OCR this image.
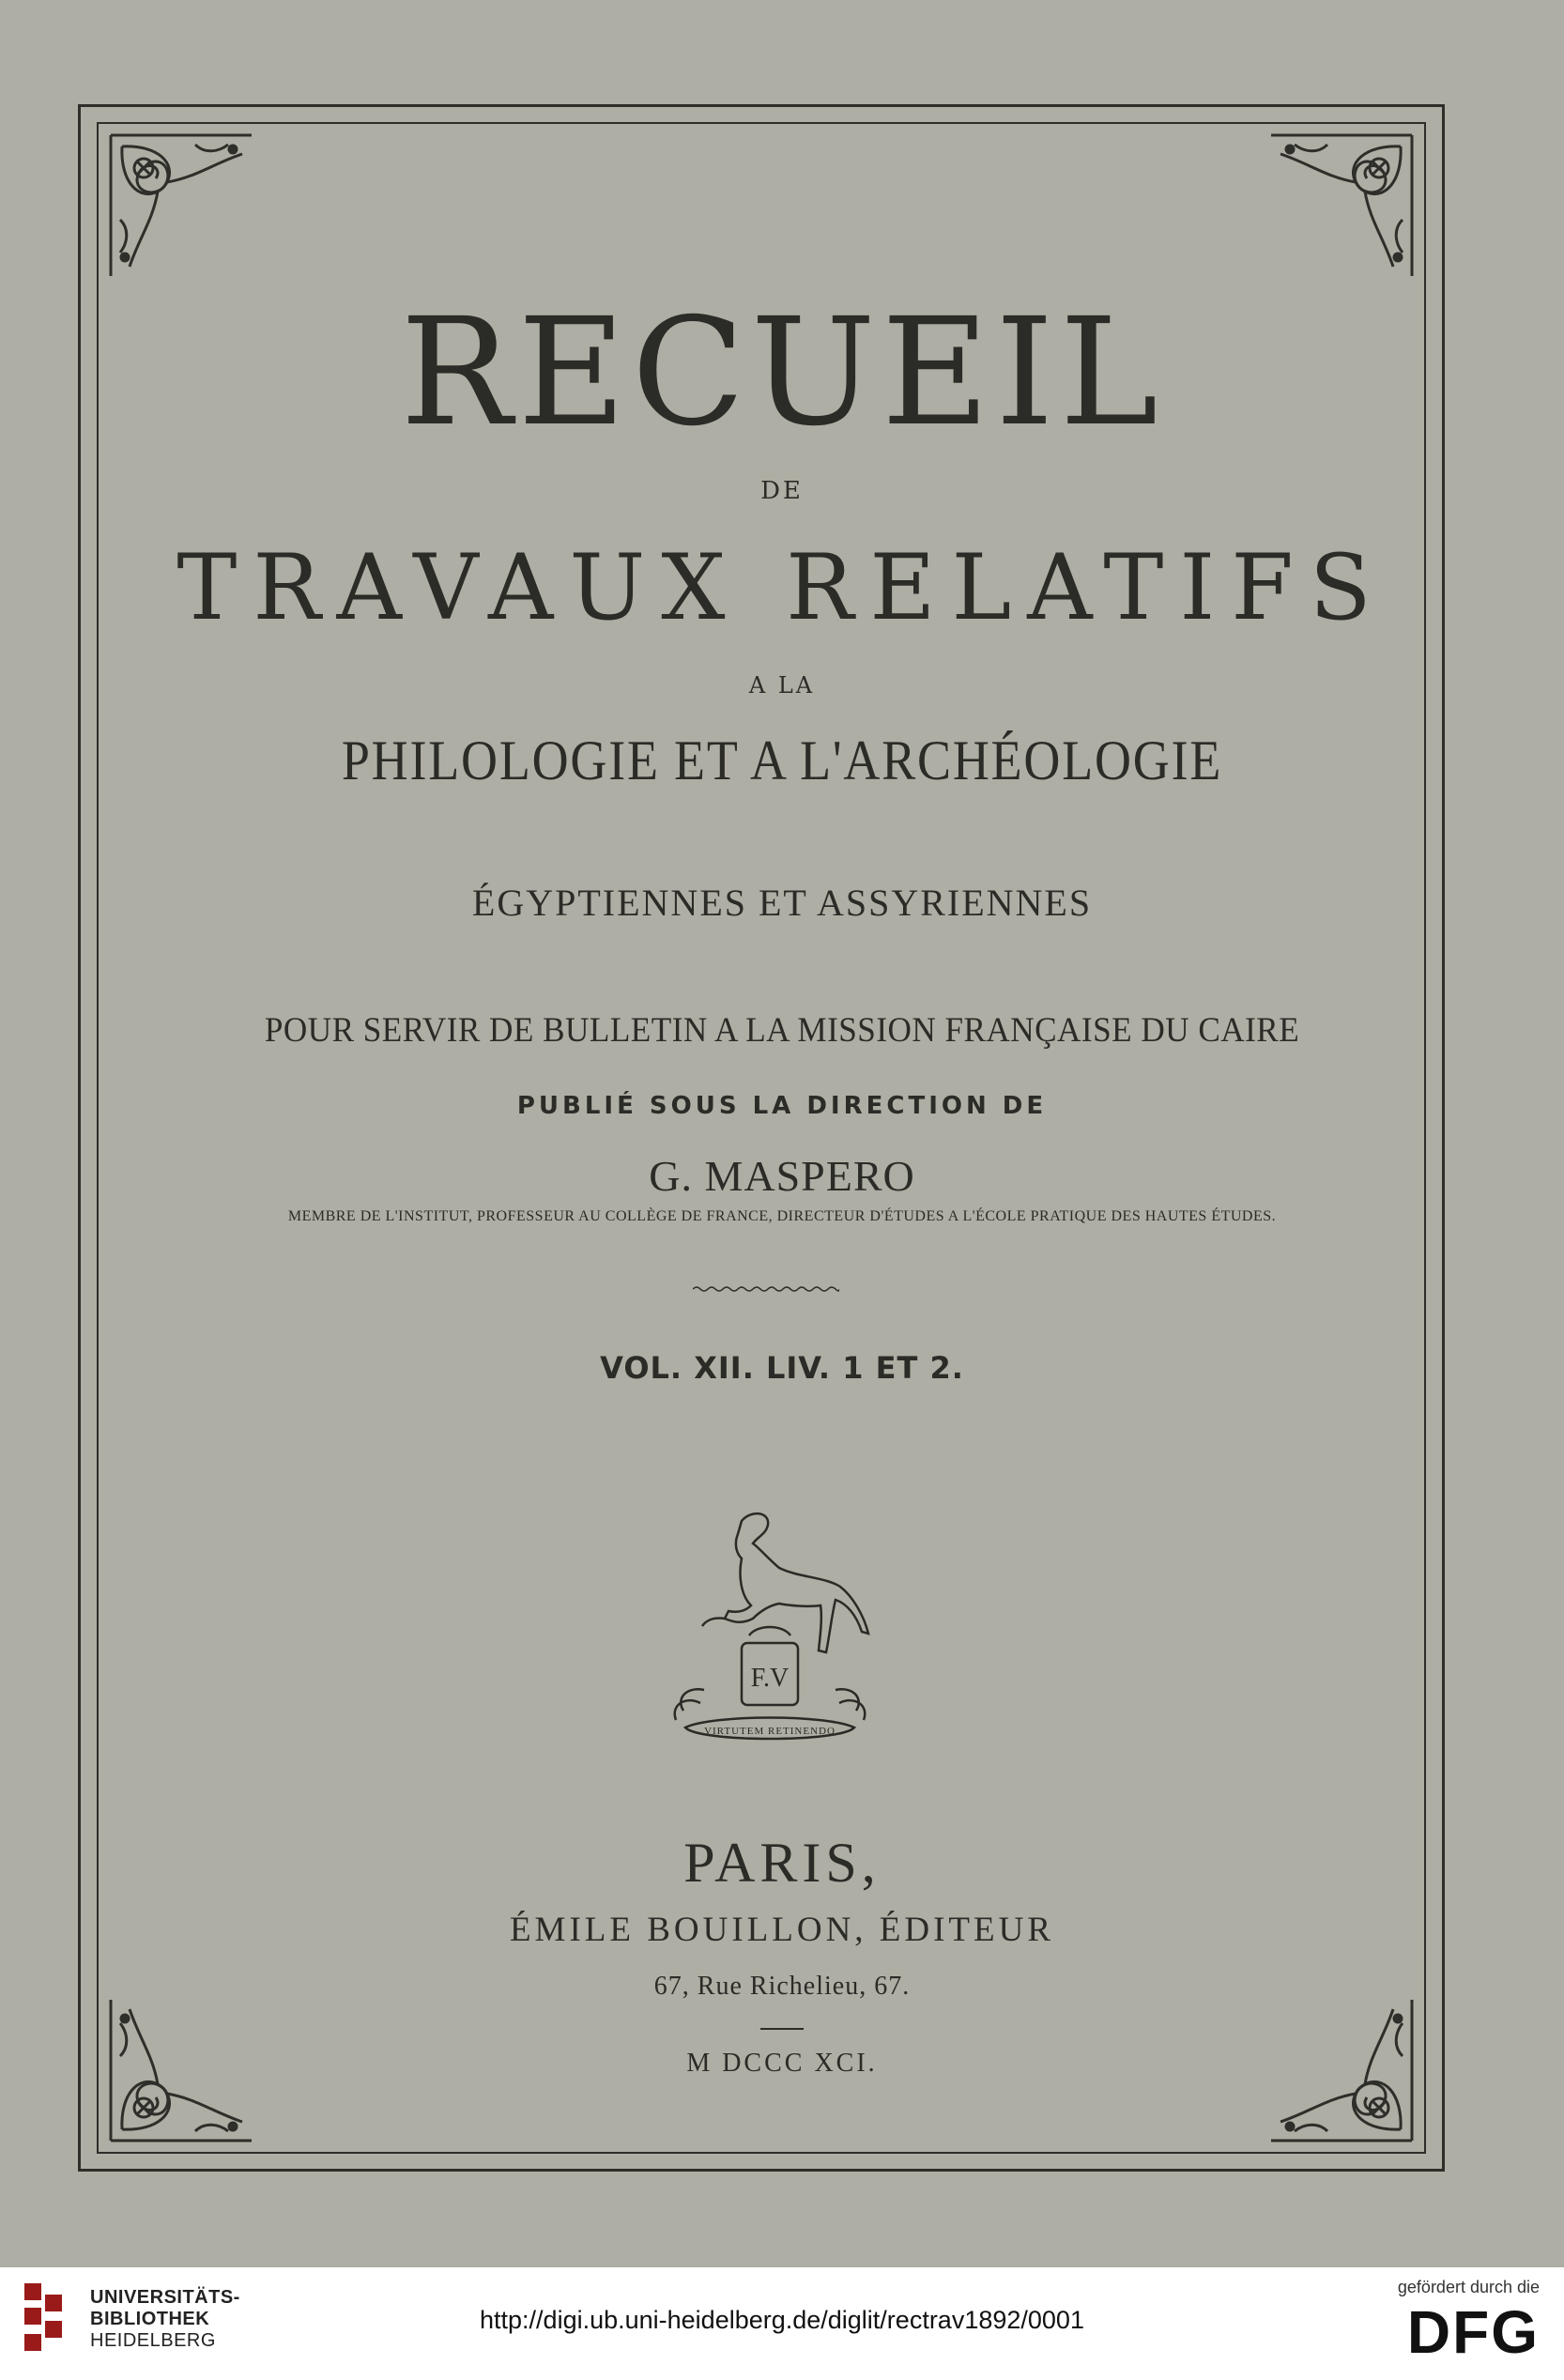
RECUEIL
DE
TRAVAUX RELATIFS
A LA
PHILOLOGIE ET A L'ARCHÉOLOGIE
ÉGYPTIENNES ET ASSYRIENNES
POUR SERVIR DE BULLETIN A LA MISSION FRANÇAISE DU CAIRE
PUBLIÉ SOUS LA DIRECTION DE
G. MASPERO
MEMBRE DE L'INSTITUT, PROFESSEUR AU COLLÈGE DE FRANCE, DIRECTEUR D'ÉTUDES A L'ÉCOLE PRATIQUE DES HAUTES ÉTUDES.
VOL. XII. LIV. 1 ET 2.
F.V
VIRTUTEM RETINENDO
PARIS,
ÉMILE BOUILLON, ÉDITEUR
67, Rue Richelieu, 67.
M DCCC XCI.
UNIVERSITÄTS-
BIBLIOTHEK
HEIDELBERG
http://digi.ub.uni-heidelberg.de/diglit/rectrav1892/0001
gefördert durch die
DFG
